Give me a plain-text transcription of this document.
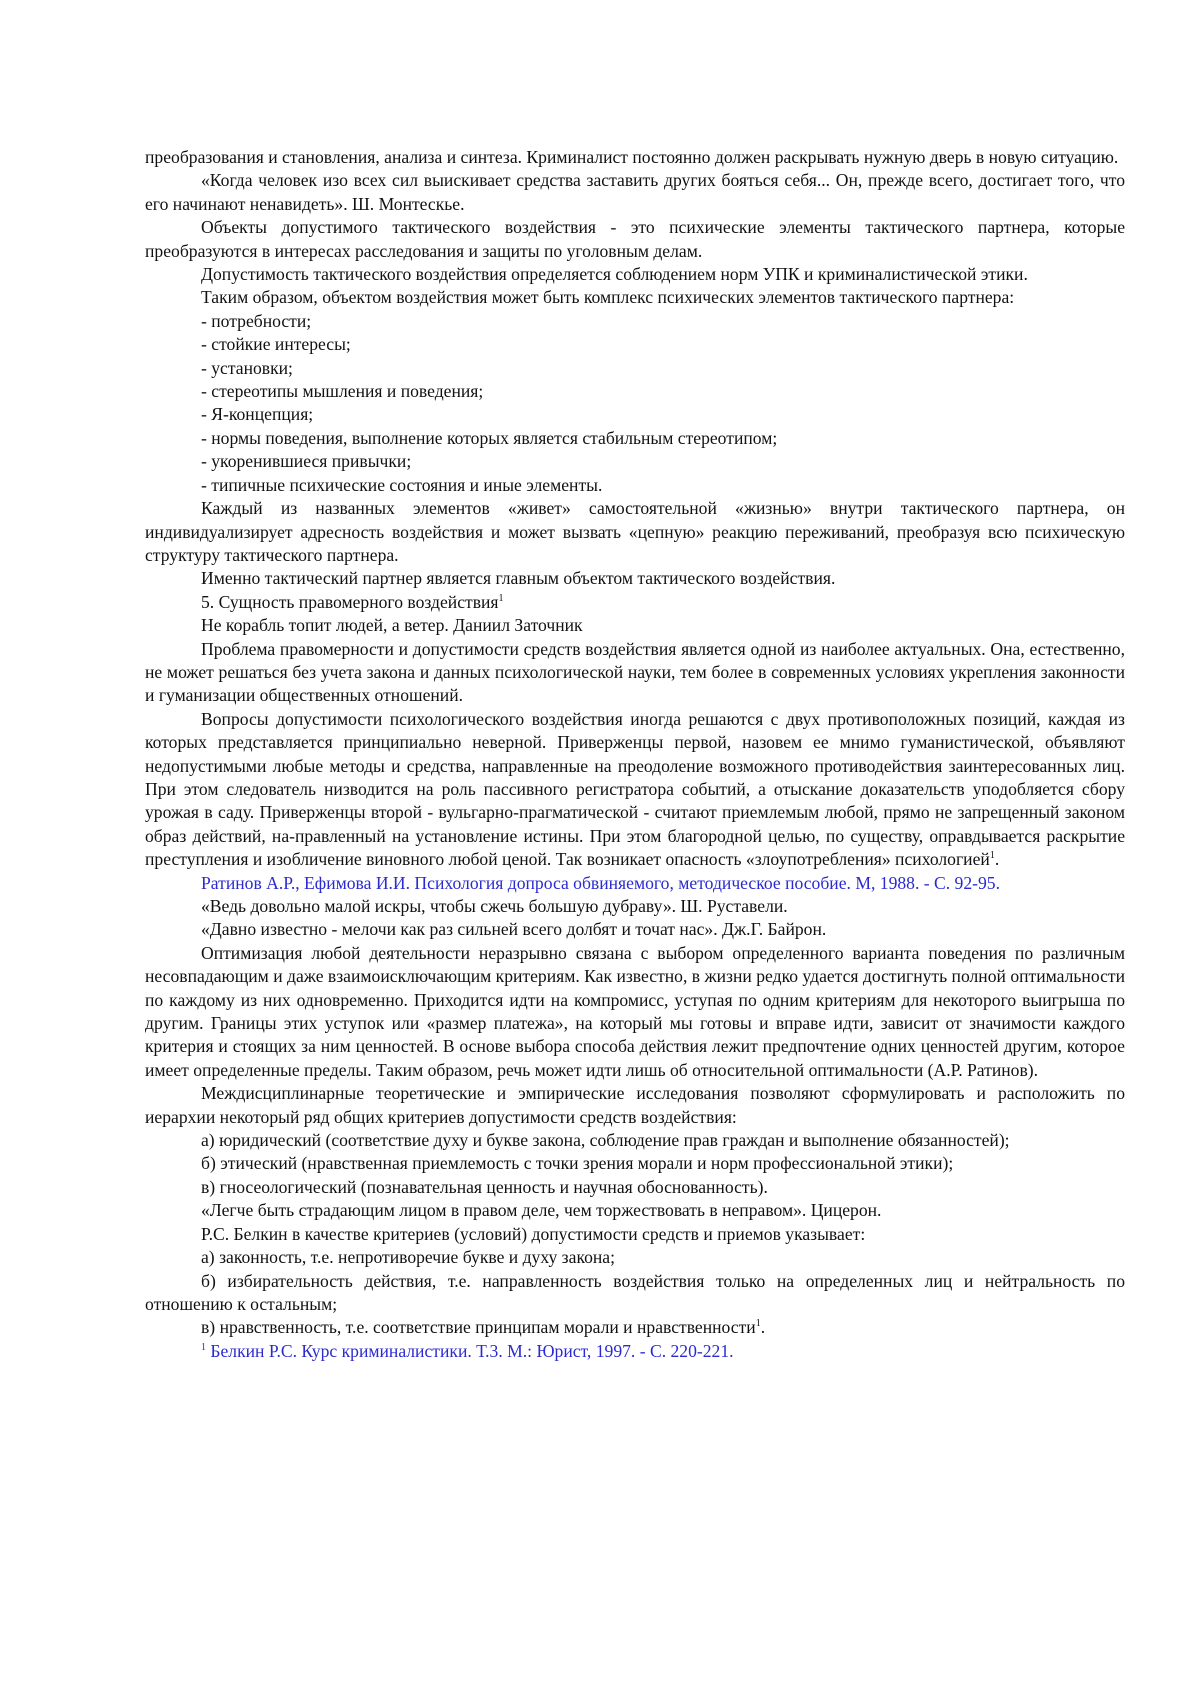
преобразования и становления, анализа и синтеза. Криминалист постоянно должен раскрывать нужную дверь в новую ситуацию.

«Когда человек изо всех сил выискивает средства заставить других бояться себя... Он, прежде всего, достигает того, что его начинают ненавидеть». Ш. Монтескье.

Объекты допустимого тактического воздействия - это психические элементы тактического партнера, которые преобразуются в интересах расследования и защиты по уголовным делам.

Допустимость тактического воздействия определяется соблюдением норм УПК и криминалистической этики.

Таким образом, объектом воздействия может быть комплекс психических элементов тактического партнера:

- потребности;

- стойкие интересы;

- установки;

- стереотипы мышления и поведения;

- Я-концепция;

- нормы поведения, выполнение которых является стабильным стереотипом;

- укоренившиеся привычки;

- типичные психические состояния и иные элементы.

Каждый из названных элементов «живет» самостоятельной «жизнью» внутри тактического партнера, он индивидуализирует адресность воздействия и может вызвать «цепную» реакцию переживаний, преобразуя всю психическую структуру тактического партнера.

Именно тактический партнер является главным объектом тактического воздействия.

5. Сущность правомерного воздействия1

Не корабль топит людей, а ветер. Даниил Заточник

Проблема правомерности и допустимости средств воздействия является одной из наиболее актуальных. Она, естественно, не может решаться без учета закона и данных психологической науки, тем более в современных условиях укрепления законности и гуманизации общественных отношений.

Вопросы допустимости психологического воздействия иногда решаются с двух противоположных позиций, каждая из которых представляется принципиально неверной. Приверженцы первой, назовем ее мнимо гуманистической, объявляют недопустимыми любые методы и средства, направленные на преодоление возможного противодействия заинтересованных лиц. При этом следователь низводится на роль пассивного регистратора событий, а отыскание доказательств уподобляется сбору урожая в саду. Приверженцы второй - вульгарно-прагматической - считают приемлемым любой, прямо не запрещенный законом образ действий, на-правленный на установление истины. При этом благородной целью, по существу, оправдывается раскрытие преступления и изобличение виновного любой ценой. Так возникает опасность «злоупотребления» психологией1.

Ратинов А.Р., Ефимова И.И. Психология допроса обвиняемого, методическое пособие. М, 1988. - С. 92-95.

«Ведь довольно малой искры, чтобы сжечь большую дубраву». Ш. Руставели.

«Давно известно - мелочи как раз сильней всего долбят и точат нас». Дж.Г. Байрон.

Оптимизация любой деятельности неразрывно связана с выбором определенного варианта поведения по различным несовпадающим и даже взаимоисключающим критериям. Как известно, в жизни редко удается достигнуть полной оптимальности по каждому из них одновременно. Приходится идти на компромисс, уступая по одним критериям для некоторого выигрыша по другим. Границы этих уступок или «размер платежа», на который мы готовы и вправе идти, зависит от значимости каждого критерия и стоящих за ним ценностей. В основе выбора способа действия лежит предпочтение одних ценностей другим, которое имеет определенные пределы. Таким образом, речь может идти лишь об относительной оптимальности (А.Р. Ратинов).

Междисциплинарные теоретические и эмпирические исследования позволяют сформулировать и расположить по иерархии некоторый ряд общих критериев допустимости средств воздействия:

а) юридический (соответствие духу и букве закона, соблюдение прав граждан и выполнение обязанностей);

б) этический (нравственная приемлемость с точки зрения морали и норм профессиональной этики);

в) гносеологический (познавательная ценность и научная обоснованность).

«Легче быть страдающим лицом в правом деле, чем торжествовать в неправом». Цицерон.

Р.С. Белкин в качестве критериев (условий) допустимости средств и приемов указывает:

а) законность, т.е. непротиворечие букве и духу закона;

б) избирательность действия, т.е. направленность воздействия только на определенных лиц и нейтральность по отношению к остальным;

в) нравственность, т.е. соответствие принципам морали и нравственности1.

1 Белкин Р.С. Курс криминалистики. Т.3. М.: Юрист, 1997. - С. 220-221.
